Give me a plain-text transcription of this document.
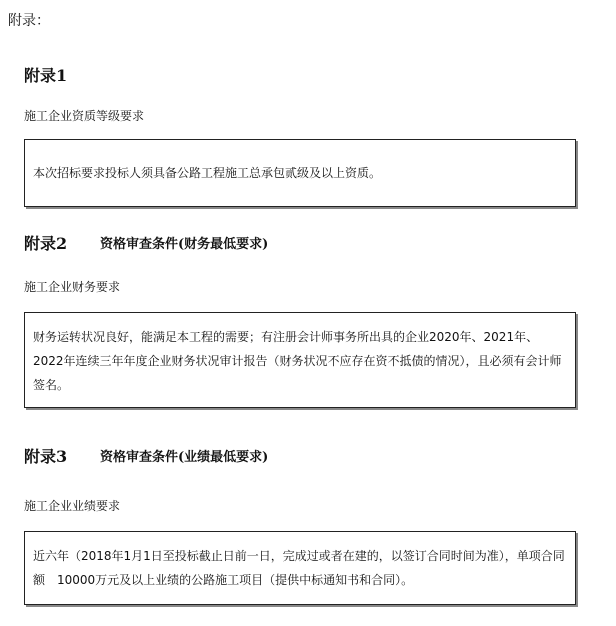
附录：
附录1
施工企业资质等级要求
本次招标要求投标人须具备公路工程施工总承包贰级及以上资质。
附录2	资格审查条件(财务最低要求)
施工企业财务要求
财务运转状况良好，能满足本工程的需要；有注册会计师事务所出具的企业2020年、2021年、2022年连续三年年度企业财务状况审计报告（财务状况不应存在资不抵债的情况），且必须有会计师签名。
附录3	资格审查条件(业绩最低要求)
施工企业业绩要求
近六年（2018年1月1日至投标截止日前一日，完成过或者在建的，以签订合同时间为准），单项合同额　10000万元及以上业绩的公路施工项目（提供中标通知书和合同）。
